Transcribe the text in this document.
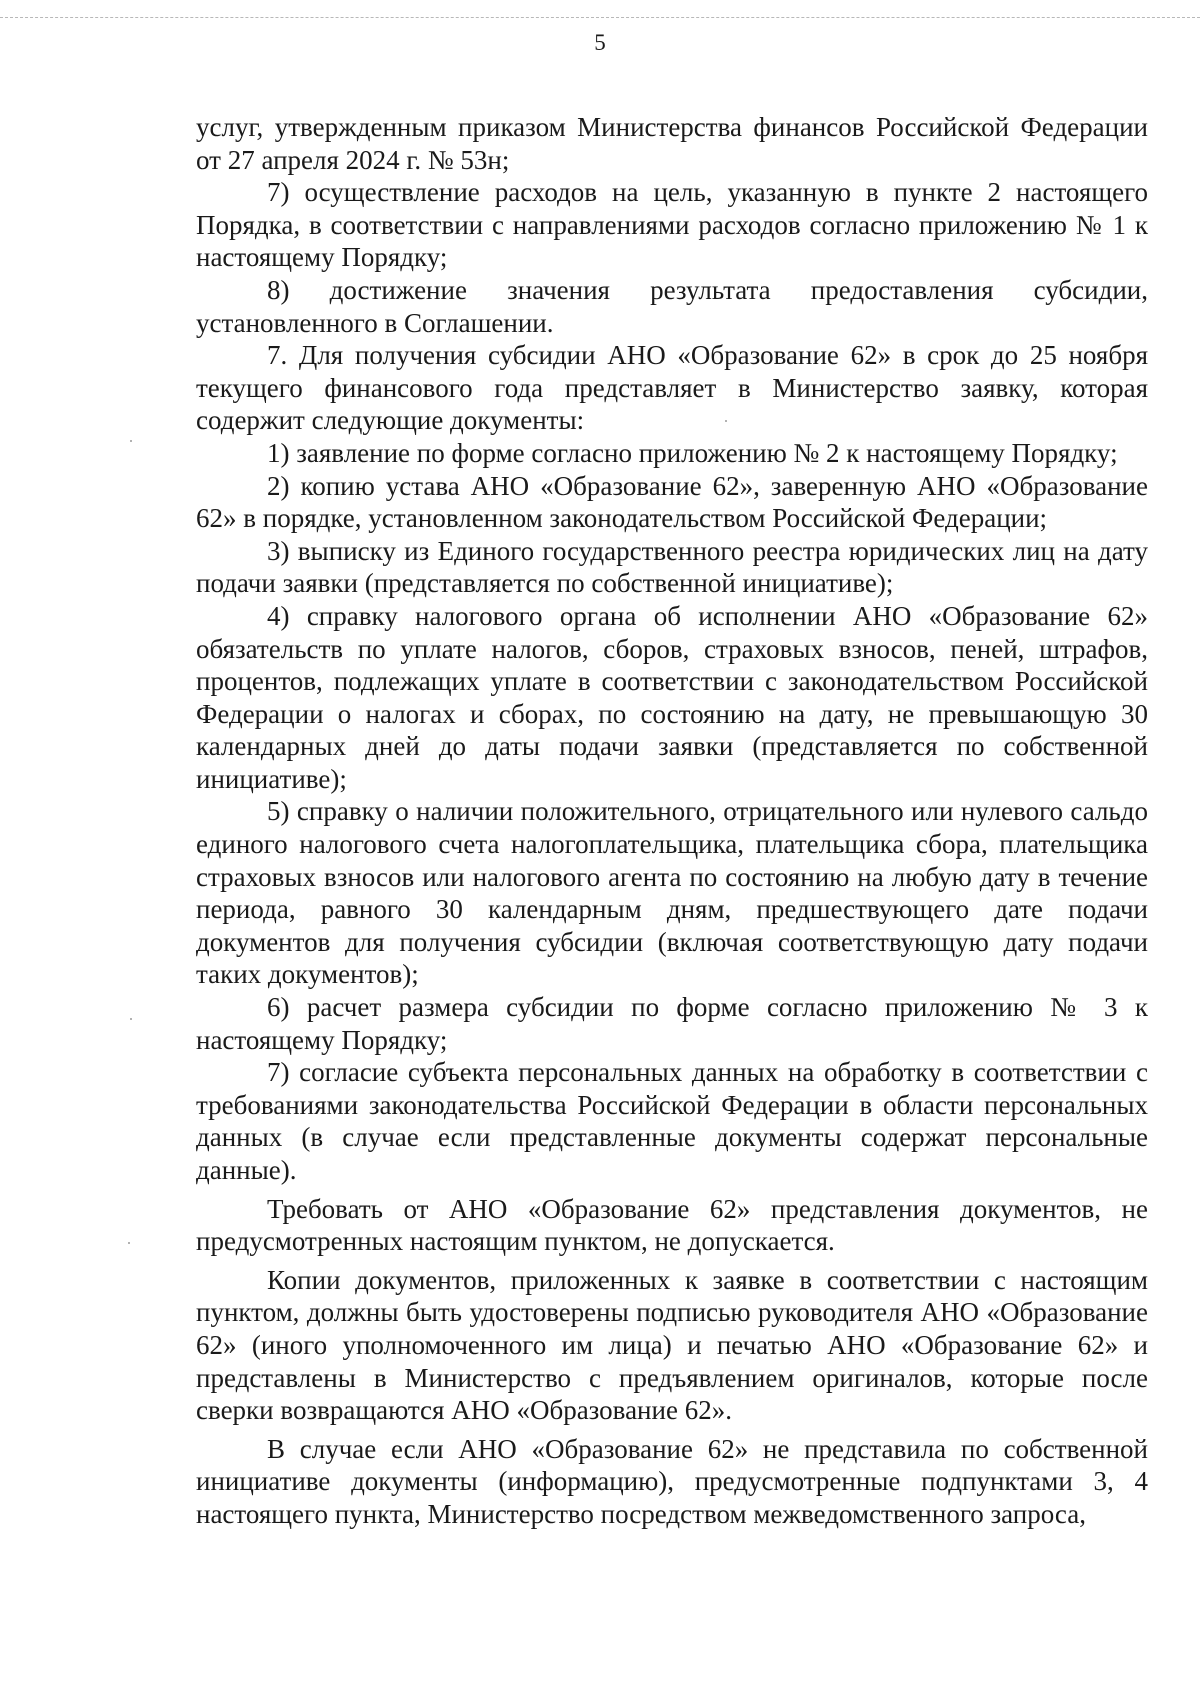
5

услуг, утвержденным приказом Министерства финансов Российской Федерации от 27 апреля 2024 г. № 53н;

7) осуществление расходов на цель, указанную в пункте 2 настоящего Порядка, в соответствии с направлениями расходов согласно приложению № 1 к настоящему Порядку;

8) достижение значения результата предоставления субсидии, установленного в Соглашении.

7. Для получения субсидии АНО «Образование 62» в срок до 25 ноября текущего финансового года представляет в Министерство заявку, которая содержит следующие документы:

1) заявление по форме согласно приложению № 2 к настоящему Порядку;

2) копию устава АНО «Образование 62», заверенную АНО «Образование 62» в порядке, установленном законодательством Российской Федерации;

3) выписку из Единого государственного реестра юридических лиц на дату подачи заявки (представляется по собственной инициативе);

4) справку налогового органа об исполнении АНО «Образование 62» обязательств по уплате налогов, сборов, страховых взносов, пеней, штрафов, процентов, подлежащих уплате в соответствии с законодательством Российской Федерации о налогах и сборах, по состоянию на дату, не превышающую 30 календарных дней до даты подачи заявки (представляется по собственной инициативе);

5) справку о наличии положительного, отрицательного или нулевого сальдо единого налогового счета налогоплательщика, плательщика сбора, плательщика страховых взносов или налогового агента по состоянию на любую дату в течение периода, равного 30 календарным дням, предшествующего дате подачи документов для получения субсидии (включая соответствующую дату подачи таких документов);

6) расчет размера субсидии по форме согласно приложению № 3 к настоящему Порядку;

7) согласие субъекта персональных данных на обработку в соответствии с требованиями законодательства Российской Федерации в области персональных данных (в случае если представленные документы содержат персональные данные).

Требовать от АНО «Образование 62» представления документов, не предусмотренных настоящим пунктом, не допускается.

Копии документов, приложенных к заявке в соответствии с настоящим пунктом, должны быть удостоверены подписью руководителя АНО «Образование 62» (иного уполномоченного им лица) и печатью АНО «Образование 62» и представлены в Министерство с предъявлением оригиналов, которые после сверки возвращаются АНО «Образование 62».

В случае если АНО «Образование 62» не представила по собственной инициативе документы (информацию), предусмотренные подпунктами 3, 4 настоящего пункта, Министерство посредством межведомственного запроса,
